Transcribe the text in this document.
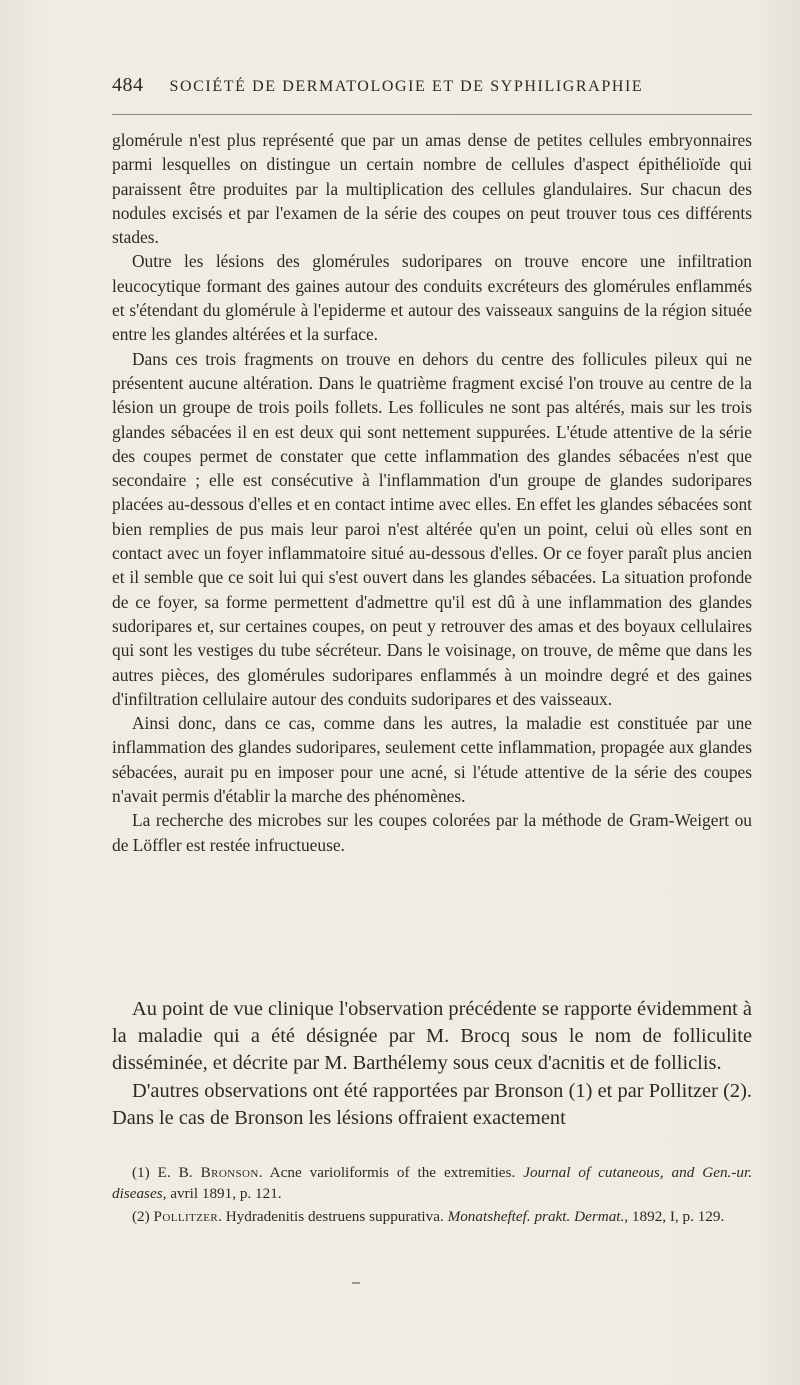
484 SOCIÉTÉ DE DERMATOLOGIE ET DE SYPHILIGRAPHIE

glomérule n'est plus représenté que par un amas dense de petites cellules embryonnaires parmi lesquelles on distingue un certain nombre de cellules d'aspect épithélioïde qui paraissent être produites par la multiplication des cellules glandulaires. Sur chacun des nodules excisés et par l'examen de la série des coupes on peut trouver tous ces différents stades.

Outre les lésions des glomérules sudoripares on trouve encore une infiltration leucocytique formant des gaines autour des conduits excréteurs des glomérules enflammés et s'étendant du glomérule à l'epiderme et autour des vaisseaux sanguins de la région située entre les glandes altérées et la surface.

Dans ces trois fragments on trouve en dehors du centre des follicules pileux qui ne présentent aucune altération. Dans le quatrième fragment excisé l'on trouve au centre de la lésion un groupe de trois poils follets. Les follicules ne sont pas altérés, mais sur les trois glandes sébacées il en est deux qui sont nettement suppurées. L'étude attentive de la série des coupes permet de constater que cette inflammation des glandes sébacées n'est que secondaire ; elle est consécutive à l'inflammation d'un groupe de glandes sudoripares placées au-dessous d'elles et en contact intime avec elles. En effet les glandes sébacées sont bien remplies de pus mais leur paroi n'est altérée qu'en un point, celui où elles sont en contact avec un foyer inflammatoire situé au-dessous d'elles. Or ce foyer paraît plus ancien et il semble que ce soit lui qui s'est ouvert dans les glandes sébacées. La situation profonde de ce foyer, sa forme permettent d'admettre qu'il est dû à une inflammation des glandes sudoripares et, sur certaines coupes, on peut y retrouver des amas et des boyaux cellulaires qui sont les vestiges du tube sécréteur. Dans le voisinage, on trouve, de même que dans les autres pièces, des glomérules sudoripares enflammés à un moindre degré et des gaines d'infiltration cellulaire autour des conduits sudoripares et des vaisseaux.

Ainsi donc, dans ce cas, comme dans les autres, la maladie est constituée par une inflammation des glandes sudoripares, seulement cette inflammation, propagée aux glandes sébacées, aurait pu en imposer pour une acné, si l'étude attentive de la série des coupes n'avait permis d'établir la marche des phénomènes.

La recherche des microbes sur les coupes colorées par la méthode de Gram-Weigert ou de Löffler est restée infructueuse.

Au point de vue clinique l'observation précédente se rapporte évidemment à la maladie qui a été désignée par M. Brocq sous le nom de folliculite disséminée, et décrite par M. Barthélemy sous ceux d'acnitis et de folliclis.

D'autres observations ont été rapportées par Bronson (1) et par Pollitzer (2). Dans le cas de Bronson les lésions offraient exactement

(1) E. B. Bronson. Acne varioliformis of the extremities. Journal of cutaneous, and Gen.-ur. diseases, avril 1891, p. 121.

(2) Pollitzer. Hydradenitis destruens suppurativa. Monatsheftef. prakt. Dermat., 1892, I, p. 129.
